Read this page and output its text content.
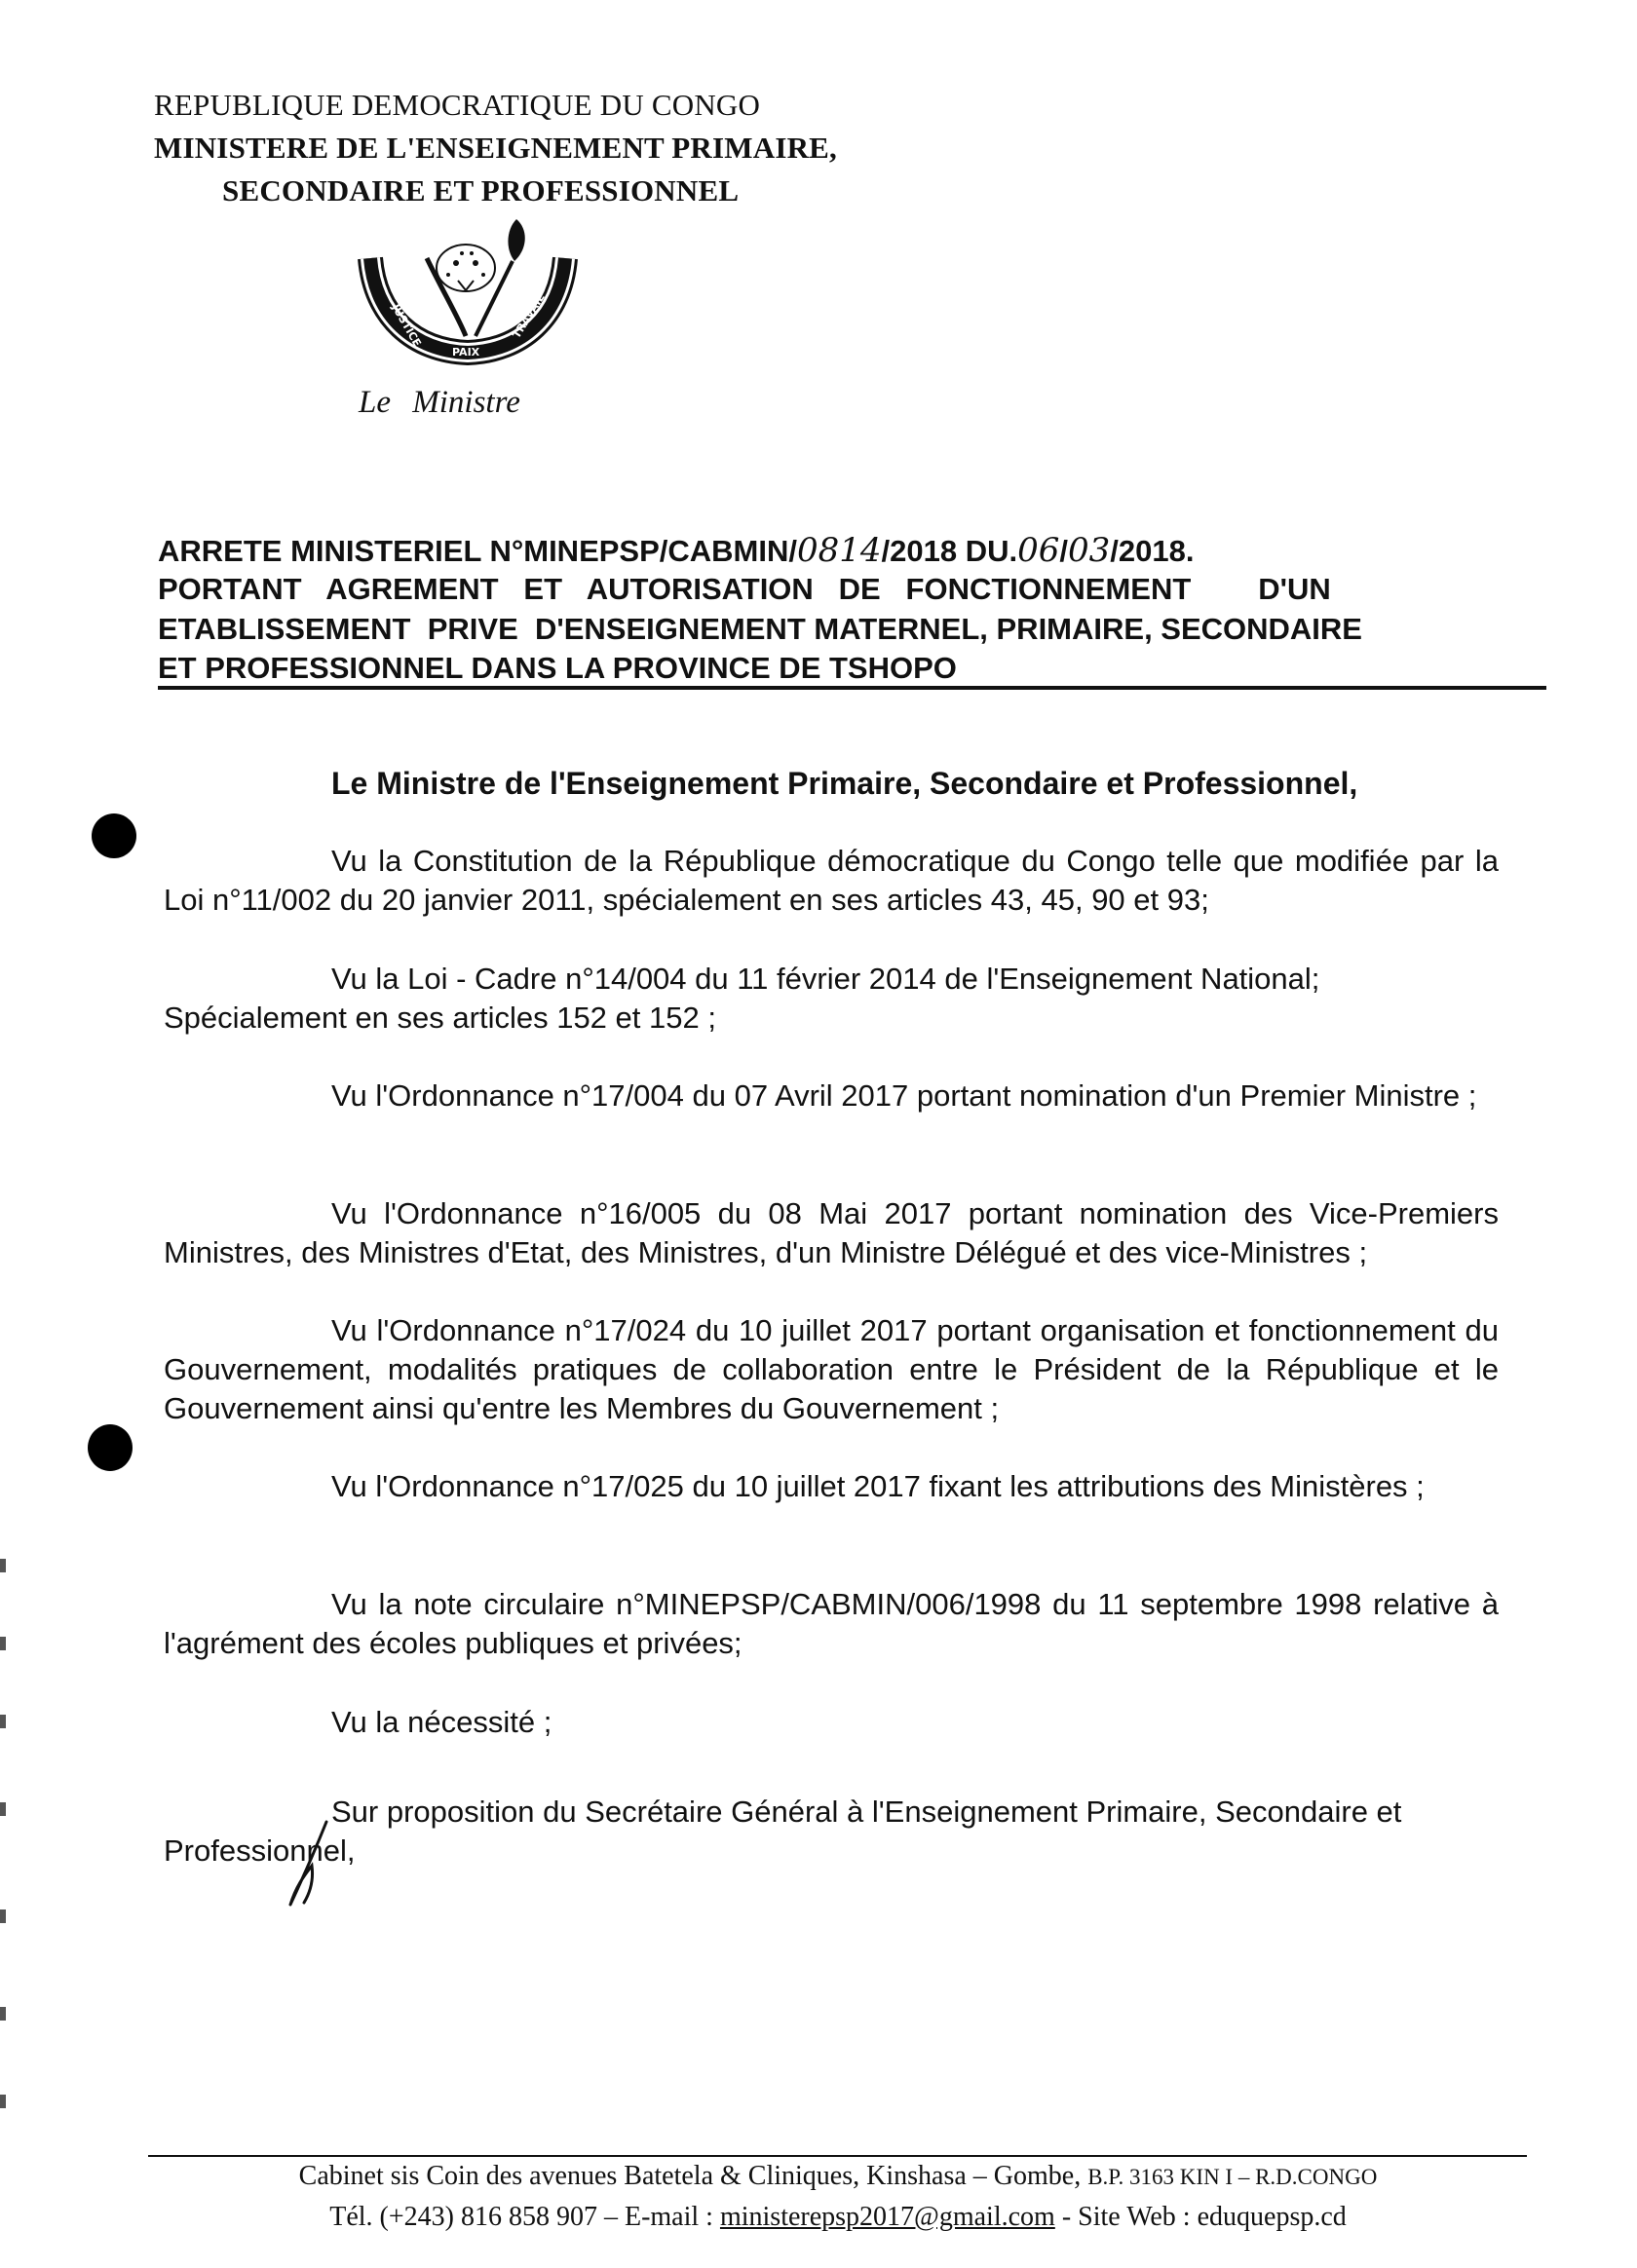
REPUBLIQUE DEMOCRATIQUE DU CONGO
MINISTERE DE L'ENSEIGNEMENT PRIMAIRE,
SECONDAIRE ET PROFESSIONNEL
JUSTICE
PAIX
TRAVAIL
Le Ministre
ARRETE MINISTERIEL N°MINEPSP/CABMIN/0814/2018 DU.06/03/2018.
PORTANT   AGREMENT   ET   AUTORISATION   DE   FONCTIONNEMENT        D'UN
ETABLISSEMENT  PRIVE  D'ENSEIGNEMENT MATERNEL, PRIMAIRE, SECONDAIRE
ET PROFESSIONNEL DANS LA PROVINCE DE TSHOPO
Le Ministre de l'Enseignement Primaire, Secondaire et Professionnel,
Vu la Constitution de la République démocratique du Congo telle que modifiée par la Loi n°11/002 du 20 janvier 2011, spécialement en ses articles 43, 45, 90 et 93;
Vu la Loi - Cadre n°14/004 du 11 février 2014 de l'Enseignement National; Spécialement en ses articles 152 et 152 ;
Vu l'Ordonnance n°17/004 du 07 Avril 2017 portant nomination d'un Premier Ministre ;
Vu l'Ordonnance n°16/005 du 08 Mai 2017 portant nomination des Vice-Premiers Ministres, des Ministres d'Etat, des Ministres, d'un Ministre Délégué et des vice-Ministres ;
Vu l'Ordonnance n°17/024 du 10 juillet 2017 portant organisation et fonctionnement du Gouvernement, modalités pratiques de collaboration entre le Président de la République et le Gouvernement ainsi qu'entre les Membres du Gouvernement ;
Vu l'Ordonnance n°17/025 du 10 juillet 2017 fixant les attributions des Ministères ;
Vu la note circulaire n°MINEPSP/CABMIN/006/1998 du 11 septembre 1998 relative à l'agrément des écoles publiques et privées;
Vu la nécessité ;
Sur proposition du Secrétaire Général à l'Enseignement Primaire, Secondaire et Professionnel,
Cabinet sis Coin des avenues Batetela & Cliniques, Kinshasa – Gombe, B.P. 3163 KIN I – R.D.CONGO
Tél. (+243) 816 858 907 – E-mail : ministerepsp2017@gmail.com - Site Web : eduquepsp.cd
